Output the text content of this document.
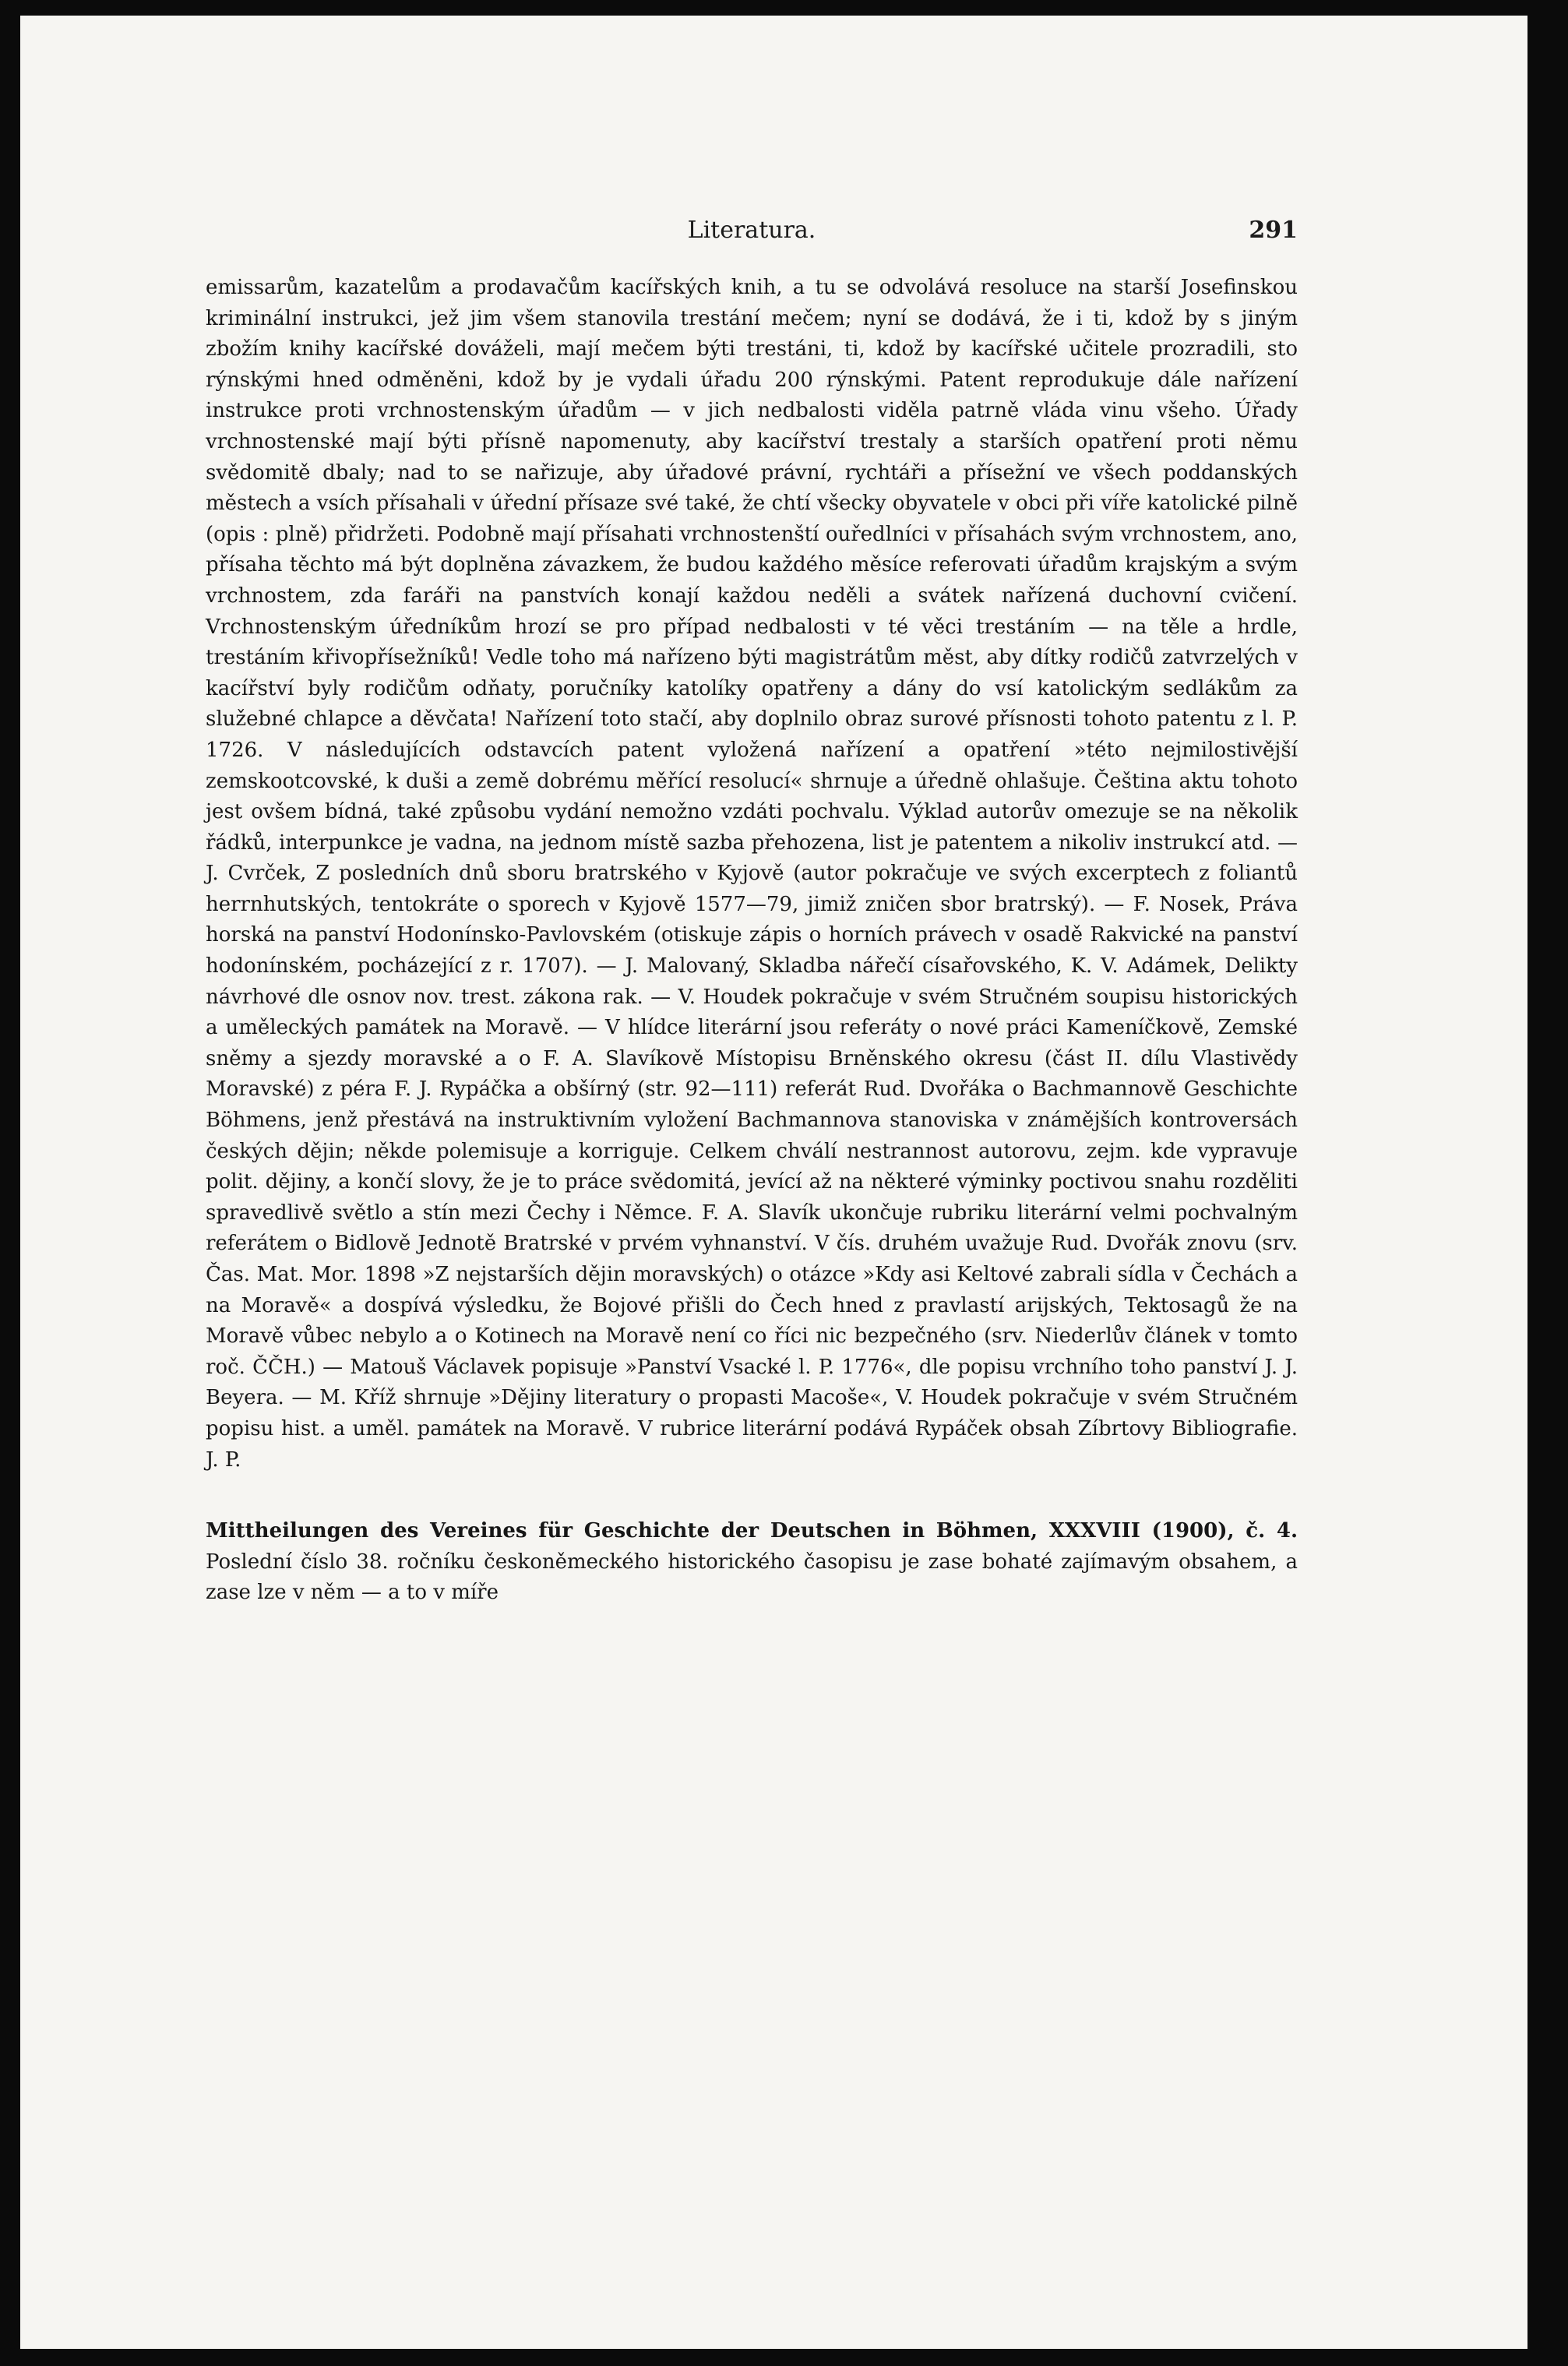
Literatura.	291

emissarům, kazatelům a prodavačům kacířských knih, a tu se odvolává resoluce na starší Josefinskou kriminální instrukci, jež jim všem stanovila trestání mečem; nyní se dodává, že i ti, kdož by s jiným zbožím knihy kacířské dováželi, mají mečem býti trestáni, ti, kdož by kacířské učitele prozradili, sto rýnskými hned odměněni, kdož by je vydali úřadu 200 rýnskými. Patent reprodukuje dále nařízení instrukce proti vrchnostenským úřadům — v jich nedbalosti viděla patrně vláda vinu všeho. Úřady vrchnostenské mají býti přísně napomenuty, aby kacířství trestaly a starších opatření proti němu svědomitě dbaly; nad to se nařizuje, aby úřadové právní, rychtáři a přísežní ve všech poddanských městech a vsích přísahali v úřední přísaze své také, že chtí všecky obyvatele v obci při víře katolické pilně (opis : plně) přidržeti. Podobně mají přísahati vrchnostenští ouředlníci v přísahách svým vrchnostem, ano, přísaha těchto má být doplněna závazkem, že budou každého měsíce referovati úřadům krajským a svým vrchnostem, zda faráři na panstvích konají každou neděli a svátek nařízená duchovní cvičení. Vrchnostenským úředníkům hrozí se pro případ nedbalosti v té věci trestáním — na těle a hrdle, trestáním křivopřísežníků! Vedle toho má nařízeno býti magistrátům měst, aby dítky rodičů zatvrzelých v kacířství byly rodičům odňaty, poručníky katolíky opatřeny a dány do vsí katolickým sedlákům za služebné chlapce a děvčata! Nařízení toto stačí, aby doplnilo obraz surové přísnosti tohoto patentu z l. P. 1726. V následujících odstavcích patent vyložená nařízení a opatření »této nejmilostivější zemskootcovské, k duši a země dobrému měřící resolucí« shrnuje a úředně ohlašuje. Čeština aktu tohoto jest ovšem bídná, také způsobu vydání nemožno vzdáti pochvalu. Výklad autorův omezuje se na několik řádků, interpunkce je vadna, na jednom místě sazba přehozena, list je patentem a nikoliv instrukcí atd. — J. Cvrček, Z posledních dnů sboru bratrského v Kyjově (autor pokračuje ve svých excerptech z foliantů herrnhutských, tentokráte o sporech v Kyjově 1577—79, jimiž zničen sbor bratrský). — F. Nosek, Práva horská na panství Hodonínsko-Pavlovském (otiskuje zápis o horních právech v osadě Rakvické na panství hodonínském, pocházející z r. 1707). — J. Malovaný, Skladba nářečí císařovského, K. V. Adámek, Delikty návrhové dle osnov nov. trest. zákona rak. — V. Houdek pokračuje v svém Stručném soupisu historických a uměleckých památek na Moravě. — V hlídce literární jsou referáty o nové práci Kameníčkově, Zemské sněmy a sjezdy moravské a o F. A. Slavíkově Místopisu Brněnského okresu (část II. dílu Vlastivědy Moravské) z péra F. J. Rypáčka a obšírný (str. 92—111) referát Rud. Dvořáka o Bachmannově Geschichte Böhmens, jenž přestává na instruktivním vyložení Bachmannova stanoviska v známějších kontroversách českých dějin; někde polemisuje a korriguje. Celkem chválí nestrannost autorovu, zejm. kde vypravuje polit. dějiny, a končí slovy, že je to práce svědomitá, jevící až na některé výminky poctivou snahu rozděliti spravedlivě světlo a stín mezi Čechy i Němce. F. A. Slavík ukončuje rubriku literární velmi pochvalným referátem o Bidlově Jednotě Bratrské v prvém vyhnanství. V čís. druhém uvažuje Rud. Dvořák znovu (srv. Čas. Mat. Mor. 1898 »Z nejstarších dějin moravských) o otázce »Kdy asi Keltové zabrali sídla v Čechách a na Moravě« a dospívá výsledku, že Bojové přišli do Čech hned z pravlastí arijských, Tektosagů že na Moravě vůbec nebylo a o Kotinech na Moravě není co říci nic bezpečného (srv. Niederlův článek v tomto roč. ČČH.) — Matouš Václavek popisuje »Panství Vsacké l. P. 1776«, dle popisu vrchního toho panství J. J. Beyera. — M. Kříž shrnuje »Dějiny literatury o propasti Macoše«, V. Houdek pokračuje v svém Stručném popisu hist. a uměl. památek na Moravě. V rubrice literární podává Rypáček obsah Zíbrtovy Bibliografie. J. P.

Mittheilungen des Vereines für Geschichte der Deutschen in Böhmen, XXXVIII (1900), č. 4. Poslední číslo 38. ročníku českoněmeckého historického časopisu je zase bohaté zajímavým obsahem, a zase lze v něm — a to v míře
